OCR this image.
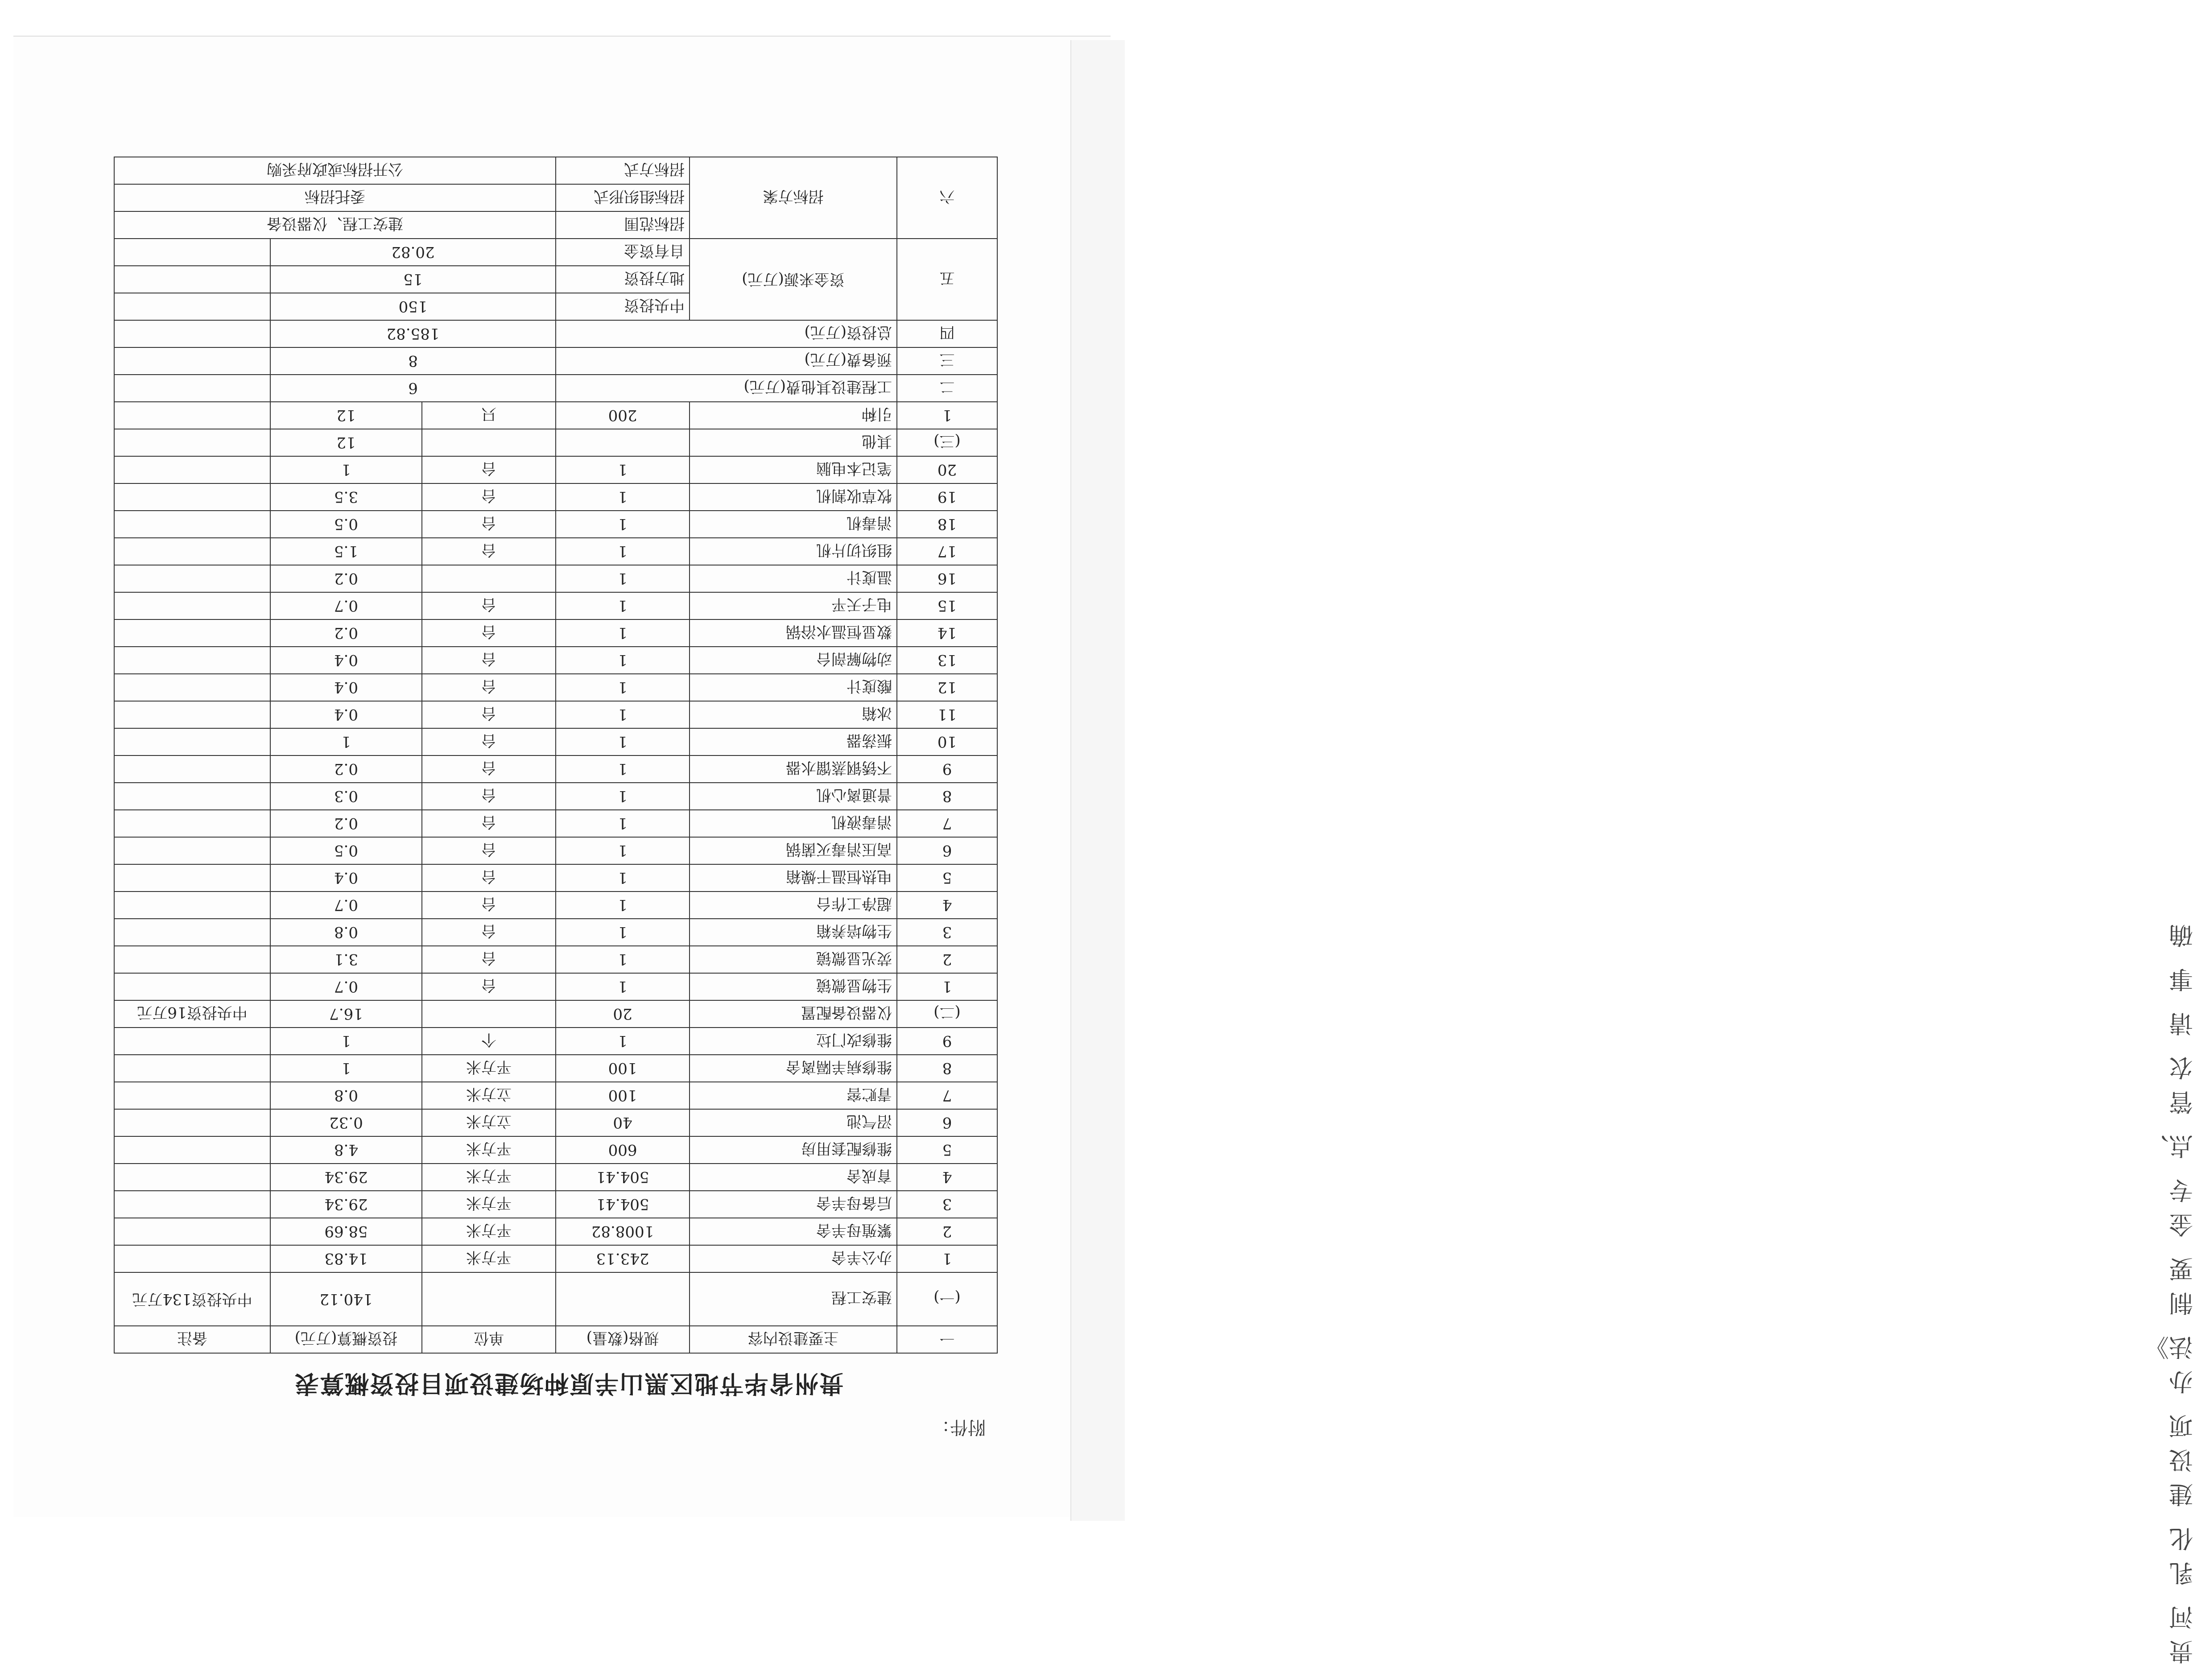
贵河
乳化
建设项
办法》
制要
金专
点、
管农
请
事
确
附件：
贵州省毕节地区黑山羊原种场建设项目投资概算表
一	主要建设内容	规格(数量)	单位	投资概算(万元)	备注
(一)	建安工程			140.12	中央投资134万元
1	办公羊舍	243.13	平方米	14.83	
2	繁殖母羊舍	1008.82	平方米	58.69	
3	后备母羊舍	504.41	平方米	29.34	
4	育成舍	504.41	平方米	29.34	
5	维修配套用房	600	平方米	4.8	
6	沼气池	40	立方米	0.32	
7	青贮窖	100	立方米	0.8	
8	维修病羊隔离舍	100	平方米	1	
9	维修改门垃	1	个	1	
(二)	仪器设备配置	20		16.7	中央投资16万元
1	生物显微镜	1	台	0.7	
2	荧光显微镜	1	台	3.1	
3	生物培养箱	1	台	0.8	
4	超净工作台	1	台	0.7	
5	电热恒温干燥箱	1	台	0.4	
6	高压消毒灭菌锅	1	台	0.5	
7	消毒液机	1	台	0.2	
8	普通离心机	1	台	0.3	
9	不锈钢蒸馏水器	1	台	0.2	
10	振荡器	1	台	1	
11	冰箱	1	台	0.4	
12	酸度计	1	台	0.4	
13	动物解剖台	1	台	0.4	
14	数显恒温水浴锅	1	台	0.2	
15	电子天平	1	台	0.7	
16	温度计	1		0.2	
17	组织切片机	1	台	1.5	
18	消毒机	1	台	0.5	
19	牧草收割机	1	台	3.5	
20	笔记本电脑	1	台	1	
(三)	其他			12	
1	引种	200	只	12	
二	工程建设其他费(万元)		6		
三	预备费(万元)		8		
四	总投资(万元)		185.82		
五	资金来源(万元)	中央投资	150		
		地方投资	15		
		自有资金	20.82		
六	招标方案	招标范围	建安工程、仪器设备		
		招标组织形式	委托招标		
		招标方式	公开招标或政府采购		
